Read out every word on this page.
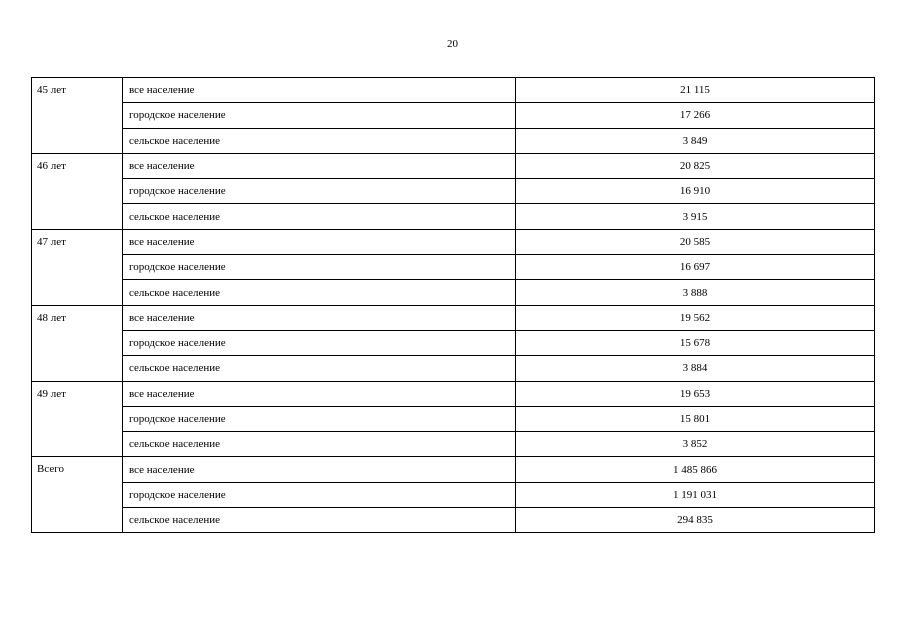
20
45 лет	все население	21 115
	городское население	17 266
	сельское население	3 849
46 лет	все население	20 825
	городское население	16 910
	сельское население	3 915
47 лет	все население	20 585
	городское население	16 697
	сельское население	3 888
48 лет	все население	19 562
	городское население	15 678
	сельское население	3 884
49 лет	все население	19 653
	городское население	15 801
	сельское население	3 852
Всего	все население	1 485 866
	городское население	1 191 031
	сельское население	294 835
